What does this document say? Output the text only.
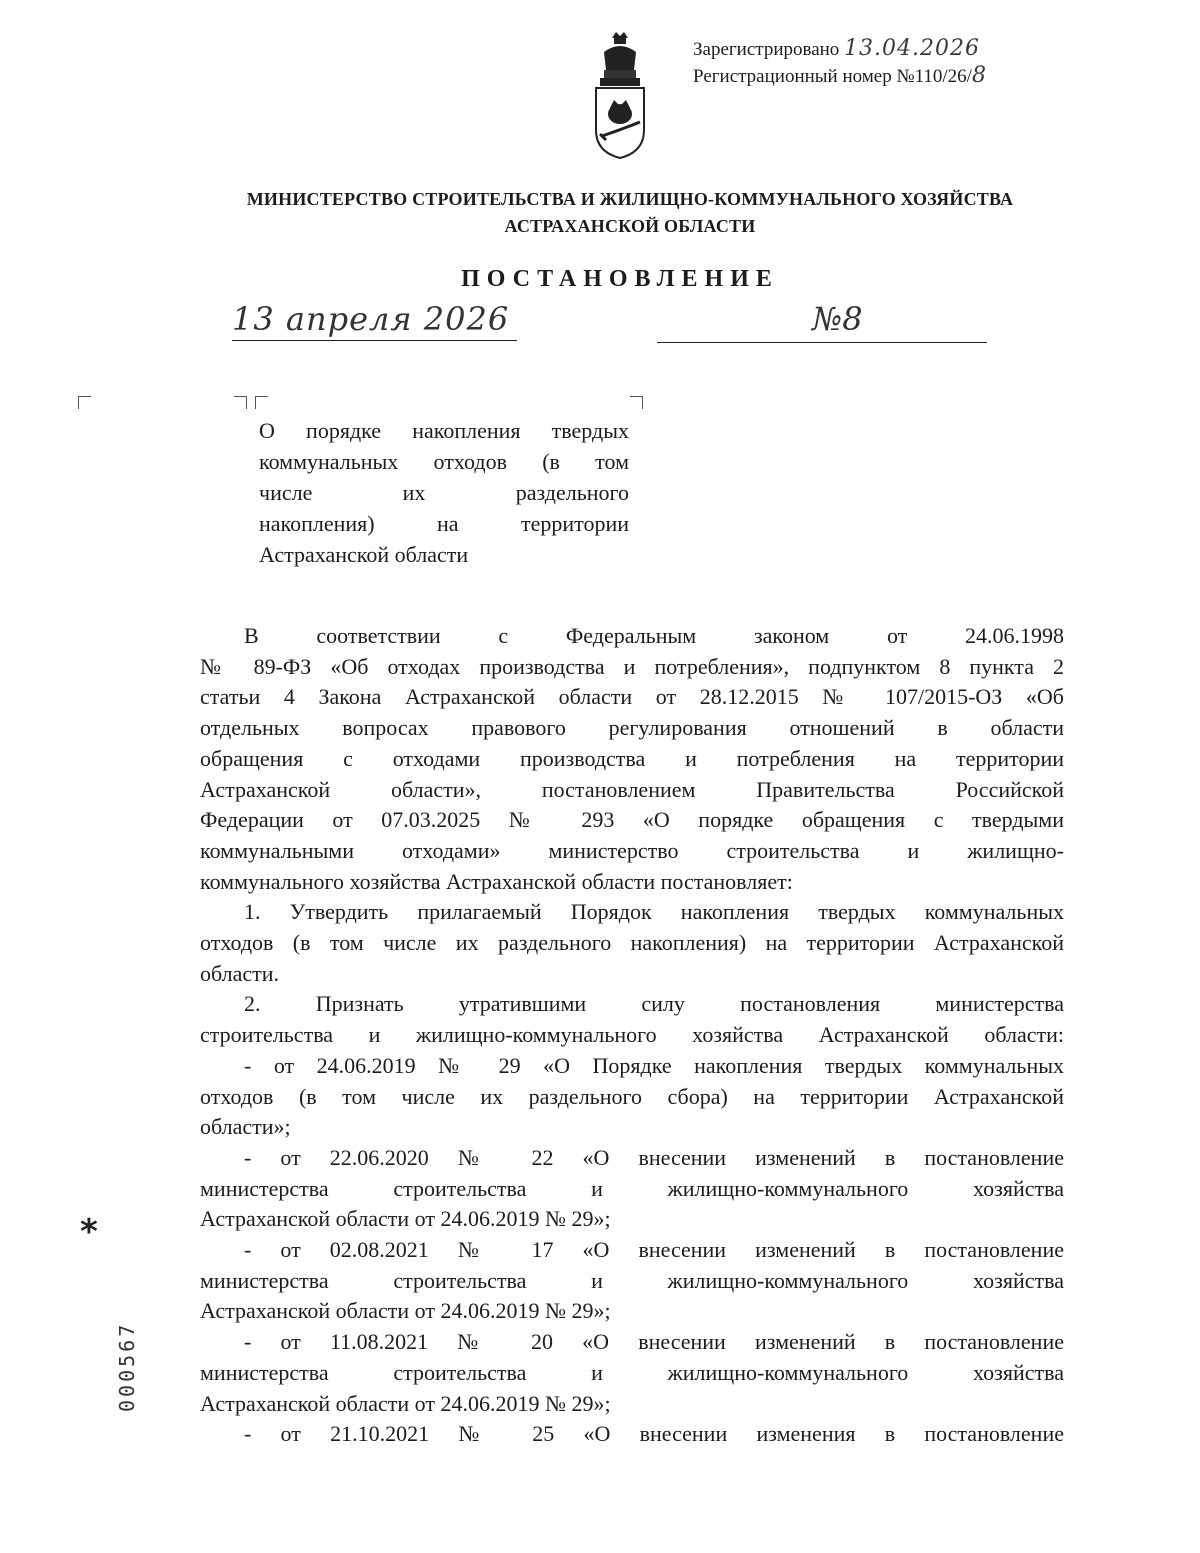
Зарегистрировано 13.04.2026
Регистрационный номер №110/26/8
МИНИСТЕРСТВО СТРОИТЕЛЬСТВА И ЖИЛИЩНО-КОММУНАЛЬНОГО ХОЗЯЙСТВА
АСТРАХАНСКОЙ ОБЛАСТИ
ПОСТАНОВЛЕНИЕ
13 апреля 2026	№8
О порядке накопления твердых
коммунальных отходов (в том
числе их раздельного
накопления) на территории
Астраханской области
В соответствии с Федеральным законом от 24.06.1998
№ 89-ФЗ «Об отходах производства и потребления», подпунктом 8 пункта 2
статьи 4 Закона Астраханской области от 28.12.2015 № 107/2015-ОЗ «Об
отдельных вопросах правового регулирования отношений в области
обращения с отходами производства и потребления на территории
Астраханской области», постановлением Правительства Российской
Федерации от 07.03.2025 № 293 «О порядке обращения с твердыми
коммунальными отходами» министерство строительства и жилищно-
коммунального хозяйства Астраханской области постановляет:
1. Утвердить прилагаемый Порядок накопления твердых коммунальных
отходов (в том числе их раздельного накопления) на территории Астраханской
области.
2. Признать утратившими силу постановления министерства
строительства и жилищно-коммунального хозяйства Астраханской области:
- от 24.06.2019 № 29 «О Порядке накопления твердых коммунальных
отходов (в том числе их раздельного сбора) на территории Астраханской
области»;
- от 22.06.2020 № 22 «О внесении изменений в постановление
министерства строительства и жилищно-коммунального хозяйства
Астраханской области от 24.06.2019 № 29»;
- от 02.08.2021 № 17 «О внесении изменений в постановление
министерства строительства и жилищно-коммунального хозяйства
Астраханской области от 24.06.2019 № 29»;
- от 11.08.2021 № 20 «О внесении изменений в постановление
министерства строительства и жилищно-коммунального хозяйства
Астраханской области от 24.06.2019 № 29»;
- от 21.10.2021 № 25 «О внесении изменения в постановление
*
000567
